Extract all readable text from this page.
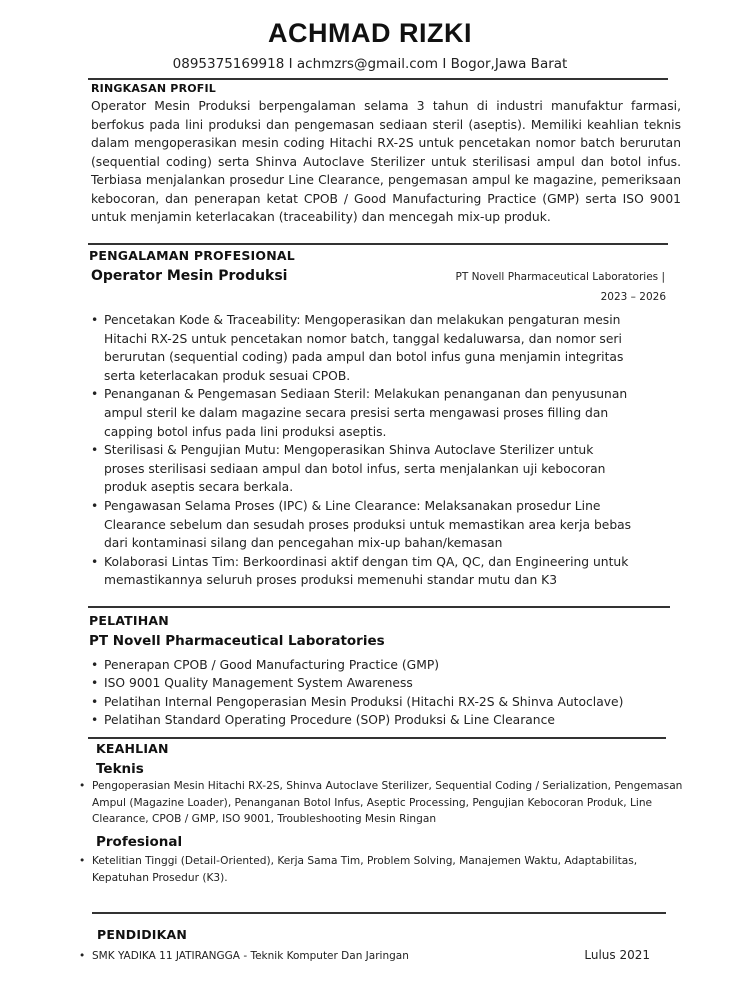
ACHMAD RIZKI
0895375169918 I achmzrs@gmail.com I Bogor,Jawa Barat
RINGKASAN PROFIL
Operator Mesin Produksi berpengalaman selama 3 tahun di industri manufaktur farmasi, berfokus pada lini produksi dan pengemasan sediaan steril (aseptis). Memiliki keahlian teknis dalam mengoperasikan mesin coding Hitachi RX-2S untuk pencetakan nomor batch berurutan (sequential coding) serta Shinva Autoclave Sterilizer untuk sterilisasi ampul dan botol infus. Terbiasa menjalankan prosedur Line Clearance, pengemasan ampul ke magazine, pemeriksaan kebocoran, dan penerapan ketat CPOB / Good Manufacturing Practice (GMP) serta ISO 9001 untuk menjamin keterlacakan (traceability) dan mencegah mix-up produk.
PENGALAMAN PROFESIONAL
Operator Mesin Produksi	PT Novell Pharmaceutical Laboratories |
2023 – 2026
• Pencetakan Kode & Traceability: Mengoperasikan dan melakukan pengaturan mesin Hitachi RX-2S untuk pencetakan nomor batch, tanggal kedaluwarsa, dan nomor seri berurutan (sequential coding) pada ampul dan botol infus guna menjamin integritas serta keterlacakan produk sesuai CPOB.
• Penanganan & Pengemasan Sediaan Steril: Melakukan penanganan dan penyusunan ampul steril ke dalam magazine secara presisi serta mengawasi proses filling dan capping botol infus pada lini produksi aseptis.
• Sterilisasi & Pengujian Mutu: Mengoperasikan Shinva Autoclave Sterilizer untuk proses sterilisasi sediaan ampul dan botol infus, serta menjalankan uji kebocoran produk aseptis secara berkala.
• Pengawasan Selama Proses (IPC) & Line Clearance: Melaksanakan prosedur Line Clearance sebelum dan sesudah proses produksi untuk memastikan area kerja bebas dari kontaminasi silang dan pencegahan mix-up bahan/kemasan
• Kolaborasi Lintas Tim: Berkoordinasi aktif dengan tim QA, QC, dan Engineering untuk memastikannya seluruh proses produksi memenuhi standar mutu dan K3
PELATIHAN
PT Novell Pharmaceutical Laboratories
• Penerapan CPOB / Good Manufacturing Practice (GMP)
• ISO 9001 Quality Management System Awareness
• Pelatihan Internal Pengoperasian Mesin Produksi (Hitachi RX-2S & Shinva Autoclave)
• Pelatihan Standard Operating Procedure (SOP) Produksi & Line Clearance
KEAHLIAN
Teknis
• Pengoperasian Mesin Hitachi RX-2S, Shinva Autoclave Sterilizer, Sequential Coding / Serialization, Pengemasan Ampul (Magazine Loader), Penanganan Botol Infus, Aseptic Processing, Pengujian Kebocoran Produk, Line Clearance, CPOB / GMP, ISO 9001, Troubleshooting Mesin Ringan
Profesional
• Ketelitian Tinggi (Detail-Oriented), Kerja Sama Tim, Problem Solving, Manajemen Waktu, Adaptabilitas, Kepatuhan Prosedur (K3).
PENDIDIKAN
• SMK YADIKA 11 JATIRANGGA - Teknik Komputer Dan Jaringan	Lulus 2021
